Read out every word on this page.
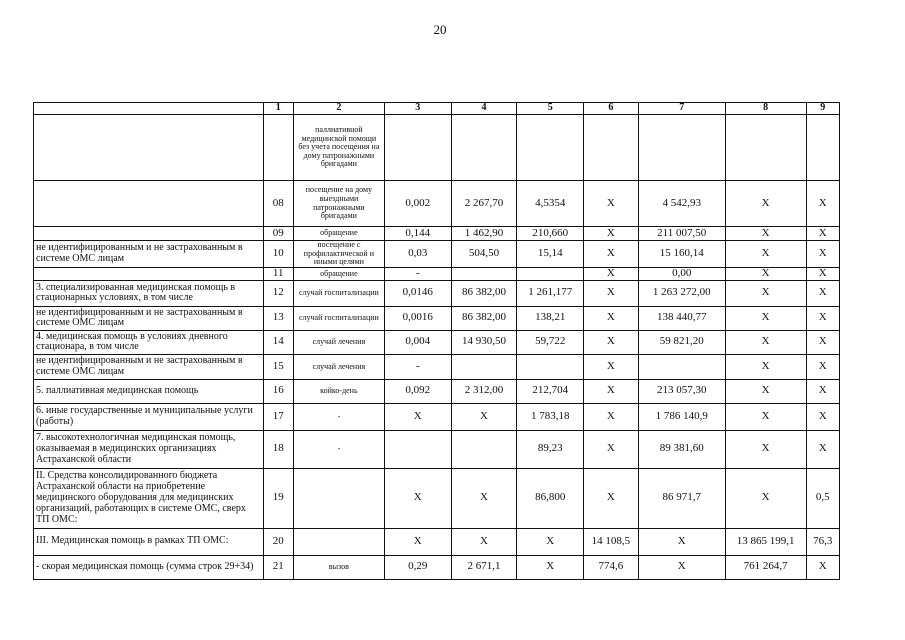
20
	1	2	3	4	5	6	7	8	9
		паллиативной медицинской помощи без учета посещения на дому патронажными бригадами							
	08	посещение на дому выездными патронажными бригадами	0,002	2 267,70	4,5354	X	4 542,93	X	X
	09	обращение	0,144	1 462,90	210,660	X	211 007,50	X	X
не идентифицированным и не застрахованным в системе ОМС лицам	10	посещение с профилактической и иными целями	0,03	504,50	15,14	X	15 160,14	X	X
	11	обращение	-			X	0,00	X	X
3. специализированная медицинская помощь в стационарных условиях, в том числе	12	случай госпитализации	0,0146	86 382,00	1 261,177	X	1 263 272,00	X	X
не идентифицированным и не застрахованным в системе ОМС лицам	13	случай госпитализации	0,0016	86 382,00	138,21	X	138 440,77	X	X
4. медицинская помощь в условиях дневного стационара, в том числе	14	случай лечения	0,004	14 930,50	59,722	X	59 821,20	X	X
не идентифицированным и не застрахованным в системе ОМС лицам	15	случай лечения	-			X		X	X
5. паллиативная медицинская помощь	16	койко-день	0,092	2 312,00	212,704	X	213 057,30	X	X
6. иные государственные и муниципальные услуги (работы)	17	-	X	X	1 783,18	X	1 786 140,9	X	X
7. высокотехнологичная медицинская помощь, оказываемая в медицинских организациях Астраханской области	18	-			89,23	X	89 381,60	X	X
II. Средства консолидированного бюджета Астраханской области на приобретение медицинского оборудования для медицинских организаций, работающих в системе ОМС, сверх ТП ОМС:	19		X	X	86,800	X	86 971,7	X	0,5
III. Медицинская помощь в рамках ТП ОМС:	20		X	X	X	14 108,5	X	13 865 199,1	76,3
- скорая медицинская помощь (сумма строк 29+34)	21	вызов	0,29	2 671,1	X	774,6	X	761 264,7	X
